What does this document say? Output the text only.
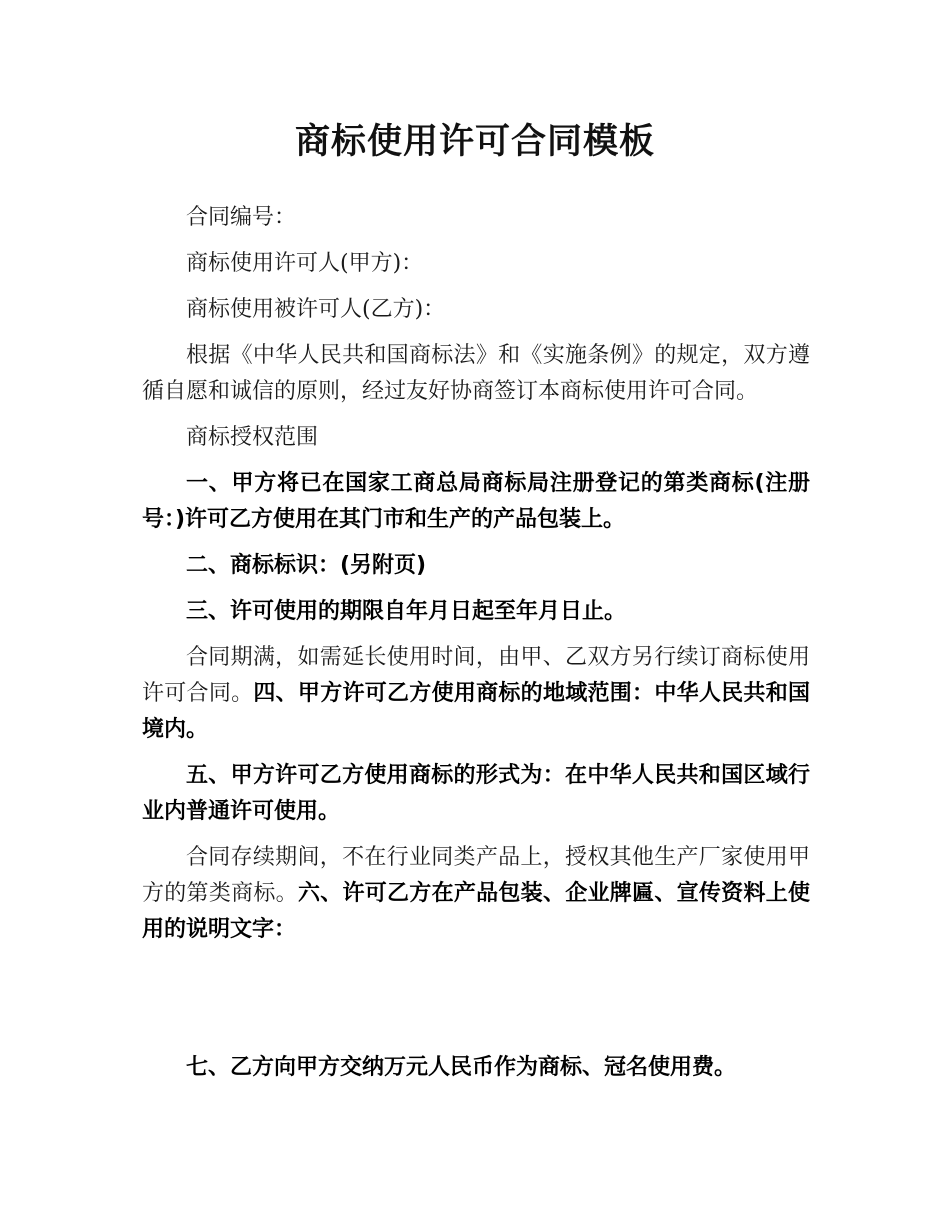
商标使用许可合同模板

合同编号：

商标使用许可人(甲方)：

商标使用被许可人(乙方)：

根据《中华人民共和国商标法》和《实施条例》的规定，双方遵循自愿和诚信的原则，经过友好协商签订本商标使用许可合同。

商标授权范围

一、甲方将已在国家工商总局商标局注册登记的第类商标(注册号：)许可乙方使用在其门市和生产的产品包装上。

二、商标标识：(另附页)

三、许可使用的期限自年月日起至年月日止。

合同期满，如需延长使用时间，由甲、乙双方另行续订商标使用许可合同。四、甲方许可乙方使用商标的地域范围：中华人民共和国境内。

五、甲方许可乙方使用商标的形式为：在中华人民共和国区域行业内普通许可使用。

合同存续期间，不在行业同类产品上，授权其他生产厂家使用甲方的第类商标。六、许可乙方在产品包装、企业牌匾、宣传资料上使用的说明文字：

七、乙方向甲方交纳万元人民币作为商标、冠名使用费。
